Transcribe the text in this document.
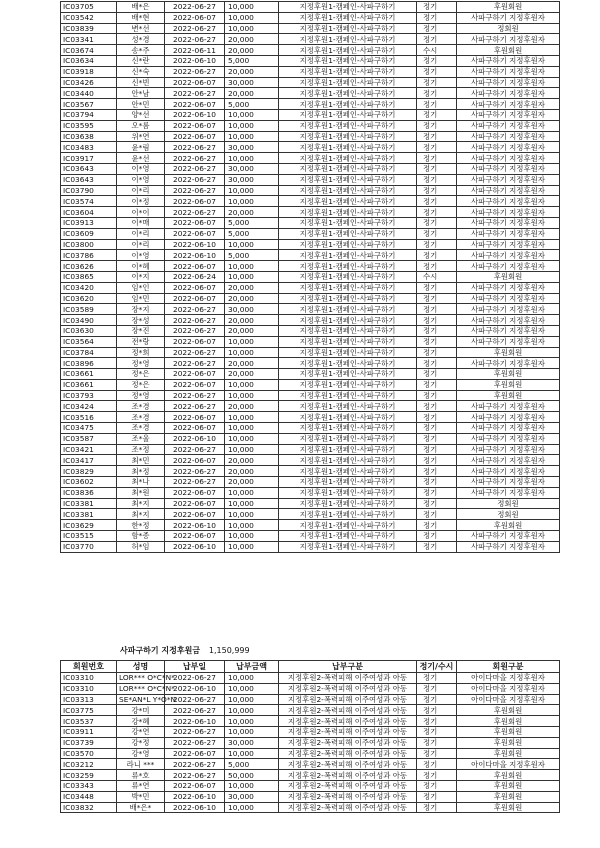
IC03705	배*은	2022-06-27	10,000	지정후원1-캠페인-사파구하기	정기	후원회원
IC03542	배*현	2022-06-07	10,000	지정후원1-캠페인-사파구하기	정기	사파구하기 지정후원자
IC03839	변*선	2022-06-27	10,000	지정후원1-캠페인-사파구하기	정기	정회원
IC03341	성*경	2022-06-27	20,000	지정후원1-캠페인-사파구하기	정기	사파구하기 지정후원자
IC03674	송*주	2022-06-11	20,000	지정후원1-캠페인-사파구하기	수시	후원회원
IC03634	신*란	2022-06-10	5,000	지정후원1-캠페인-사파구하기	정기	사파구하기 지정후원자
IC03918	신*숙	2022-06-27	20,000	지정후원1-캠페인-사파구하기	정기	사파구하기 지정후원자
IC03426	신*빈	2022-06-07	30,000	지정후원1-캠페인-사파구하기	정기	사파구하기 지정후원자
IC03440	안*남	2022-06-27	20,000	지정후원1-캠페인-사파구하기	정기	사파구하기 지정후원자
IC03567	안*민	2022-06-07	5,000	지정후원1-캠페인-사파구하기	정기	사파구하기 지정후원자
IC03794	양*선	2022-06-10	10,000	지정후원1-캠페인-사파구하기	정기	사파구하기 지정후원자
IC03595	오*롬	2022-06-07	10,000	지정후원1-캠페인-사파구하기	정기	사파구하기 지정후원자
IC03638	위*연	2022-06-07	10,000	지정후원1-캠페인-사파구하기	정기	사파구하기 지정후원자
IC03483	윤*림	2022-06-27	30,000	지정후원1-캠페인-사파구하기	정기	사파구하기 지정후원자
IC03917	윤*선	2022-06-27	10,000	지정후원1-캠페인-사파구하기	정기	사파구하기 지정후원자
IC03643	이*영	2022-06-27	30,000	지정후원1-캠페인-사파구하기	정기	사파구하기 지정후원자
IC03643	이*영	2022-06-27	30,000	지정후원1-캠페인-사파구하기	정기	사파구하기 지정후원자
IC03790	이*리	2022-06-27	10,000	지정후원1-캠페인-사파구하기	정기	사파구하기 지정후원자
IC03574	이*정	2022-06-07	10,000	지정후원1-캠페인-사파구하기	정기	사파구하기 지정후원자
IC03604	이*이	2022-06-27	20,000	지정후원1-캠페인-사파구하기	정기	사파구하기 지정후원자
IC03913	이*매	2022-06-07	5,000	지정후원1-캠페인-사파구하기	정기	사파구하기 지정후원자
IC03609	이*리	2022-06-07	5,000	지정후원1-캠페인-사파구하기	정기	사파구하기 지정후원자
IC03800	이*리	2022-06-10	10,000	지정후원1-캠페인-사파구하기	정기	사파구하기 지정후원자
IC03786	이*영	2022-06-10	5,000	지정후원1-캠페인-사파구하기	정기	사파구하기 지정후원자
IC03626	이*혜	2022-06-07	10,000	지정후원1-캠페인-사파구하기	정기	사파구하기 지정후원자
IC03865	이*지	2022-06-24	10,000	지정후원1-캠페인-사파구하기	수시	후원회원
IC03420	임*인	2022-06-07	20,000	지정후원1-캠페인-사파구하기	정기	사파구하기 지정후원자
IC03620	임*민	2022-06-07	20,000	지정후원1-캠페인-사파구하기	정기	사파구하기 지정후원자
IC03589	장*지	2022-06-27	30,000	지정후원1-캠페인-사파구하기	정기	사파구하기 지정후원자
IC03490	장*성	2022-06-27	20,000	지정후원1-캠페인-사파구하기	정기	사파구하기 지정후원자
IC03630	장*진	2022-06-27	20,000	지정후원1-캠페인-사파구하기	정기	사파구하기 지정후원자
IC03564	전*랑	2022-06-07	10,000	지정후원1-캠페인-사파구하기	정기	사파구하기 지정후원자
IC03784	정*희	2022-06-27	10,000	지정후원1-캠페인-사파구하기	정기	후원회원
IC03896	정*영	2022-06-27	20,000	지정후원1-캠페인-사파구하기	정기	사파구하기 지정후원자
IC03661	정*은	2022-06-07	20,000	지정후원1-캠페인-사파구하기	정기	후원회원
IC03661	정*은	2022-06-07	10,000	지정후원1-캠페인-사파구하기	정기	후원회원
IC03793	정*영	2022-06-27	10,000	지정후원1-캠페인-사파구하기	정기	후원회원
IC03424	조*경	2022-06-27	20,000	지정후원1-캠페인-사파구하기	정기	사파구하기 지정후원자
IC03516	조*경	2022-06-07	10,000	지정후원1-캠페인-사파구하기	정기	사파구하기 지정후원자
IC03475	조*경	2022-06-07	10,000	지정후원1-캠페인-사파구하기	정기	사파구하기 지정후원자
IC03587	조*울	2022-06-10	10,000	지정후원1-캠페인-사파구하기	정기	사파구하기 지정후원자
IC03421	조*정	2022-06-27	10,000	지정후원1-캠페인-사파구하기	정기	사파구하기 지정후원자
IC03417	최*민	2022-06-07	20,000	지정후원1-캠페인-사파구하기	정기	사파구하기 지정후원자
IC03829	최*정	2022-06-27	20,000	지정후원1-캠페인-사파구하기	정기	사파구하기 지정후원자
IC03602	최*나	2022-06-27	20,000	지정후원1-캠페인-사파구하기	정기	사파구하기 지정후원자
IC03836	최*원	2022-06-07	10,000	지정후원1-캠페인-사파구하기	정기	사파구하기 지정후원자
IC03381	최*지	2022-06-07	10,000	지정후원1-캠페인-사파구하기	정기	정회원
IC03381	최*지	2022-06-07	10,000	지정후원1-캠페인-사파구하기	정기	정회원
IC03629	한*정	2022-06-10	10,000	지정후원1-캠페인-사파구하기	정기	후원회원
IC03515	함*종	2022-06-07	10,000	지정후원1-캠페인-사파구하기	정기	사파구하기 지정후원자
IC03770	허*임	2022-06-10	10,000	지정후원1-캠페인-사파구하기	정기	사파구하기 지정후원자
사파구하기 지정후원금 1,150,999
회원번호	성명	납부일	납부금액	납부구분	정기/수시	회원구분
IC03310	LOR*** O*C*N*	2022-06-27	10,000	지정후원2-폭력피해 이주여성과 아동	정기	아이다마을 지정후원자
IC03310	LOR*** O*C*N*	2022-06-10	10,000	지정후원2-폭력피해 이주여성과 아동	정기	아이다마을 지정후원자
IC03313	SE*AN*L Y*O*N	2022-06-27	10,000	지정후원2-폭력피해 이주여성과 아동	정기	아이다마을 지정후원자
IC03775	강*미	2022-06-27	10,000	지정후원2-폭력피해 이주여성과 아동	정기	후원회원
IC03537	강*혜	2022-06-10	10,000	지정후원2-폭력피해 이주여성과 아동	정기	후원회원
IC03911	강*연	2022-06-27	10,000	지정후원2-폭력피해 이주여성과 아동	정기	후원회원
IC03739	강*정	2022-06-27	30,000	지정후원2-폭력피해 이주여성과 아동	정기	후원회원
IC03570	강*영	2022-06-07	10,000	지정후원2-폭력피해 이주여성과 아동	정기	후원회원
IC03212	라니 ***	2022-06-27	5,000	지정후원2-폭력피해 이주여성과 아동	정기	아이다마을 지정후원자
IC03259	류*호	2022-06-27	50,000	지정후원2-폭력피해 이주여성과 아동	정기	후원회원
IC03343	류*연	2022-06-07	10,000	지정후원2-폭력피해 이주여성과 아동	정기	후원회원
IC03448	박*민	2022-06-10	30,000	지정후원2-폭력피해 이주여성과 아동	정기	후원회원
IC03832	배*은*	2022-06-10	10,000	지정후원2-폭력피해 이주여성과 아동	정기	후원회원
